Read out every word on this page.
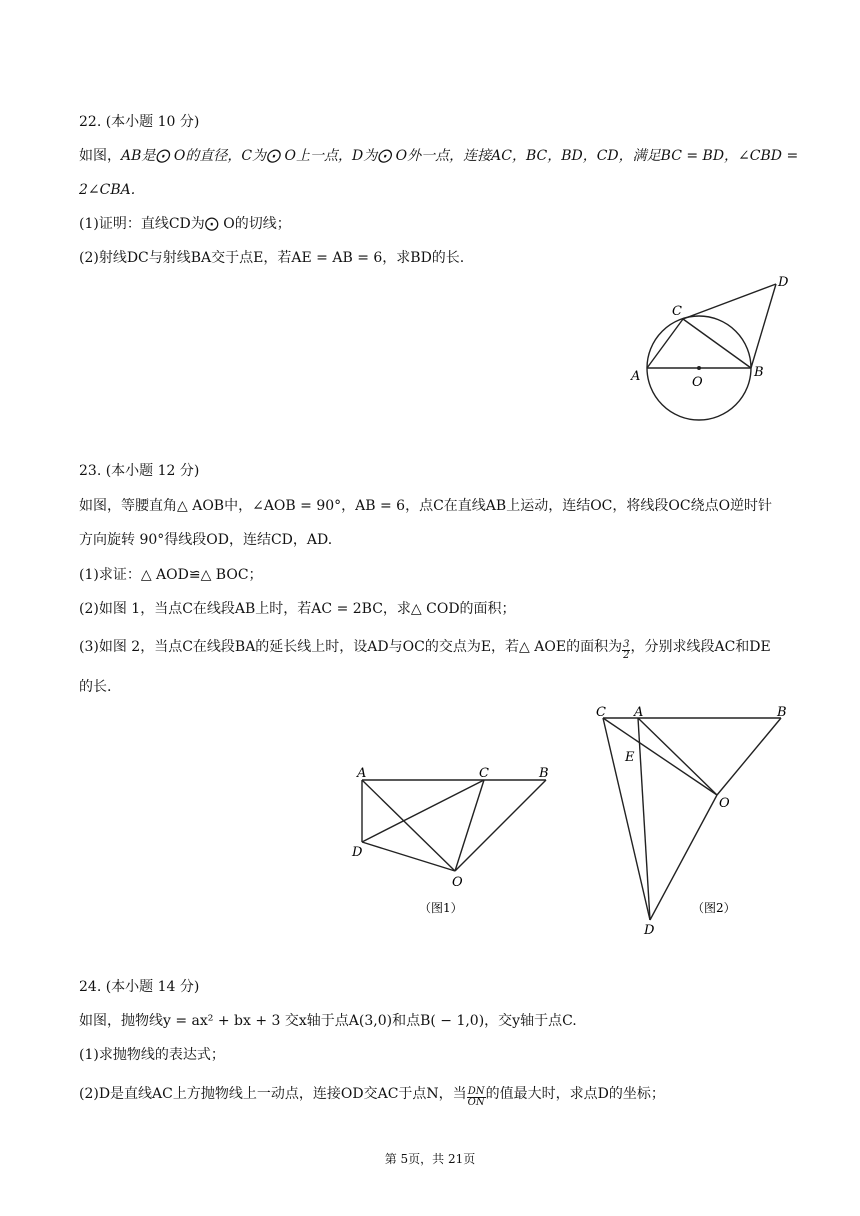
22. (本小题 10 分)
如图，AB是⨀ O的直径，C为⨀ O上一点，D为⨀ O外一点，连接AC，BC，BD，CD，满足BC = BD，∠CBD =
2∠CBA.
(1)证明：直线CD为⨀ O的切线；
(2)射线DC与射线BA交于点E，若AE = AB = 6，求BD的长.
A	O
B
C
D
23. (本小题 12 分)
如图，等腰直角△ AOB中，∠AOB = 90°，AB = 6，点C在直线AB上运动，连结OC，将线段OC绕点O逆时针
方向旋转 90°得线段OD，连结CD，AD.
(1)求证：△ AOD≌△ BOC；
(2)如图 1，当点C在线段AB上时，若AC = 2BC，求△ COD的面积；
(3)如图 2，当点C在线段BA的延长线上时，设AD与OC的交点为E，若△ AOE的面积为 $\frac{3}{2}$ ，分别求线段AC和DE
的长.
A	C	B
D
O
（图1）
C A	B
E
O
D
（图2）
24. (本小题 14 分)
如图，抛物线y = ax² + bx + 3 交x轴于点A(3,0)和点B( − 1,0)，交y轴于点C.
(1)求抛物线的表达式；
(2)D是直线AC上方抛物线上一动点，连接OD交AC于点N，当 $\frac{DN}{ON}$ 的值最大时，求点D的坐标；
第 5页，共 21页
